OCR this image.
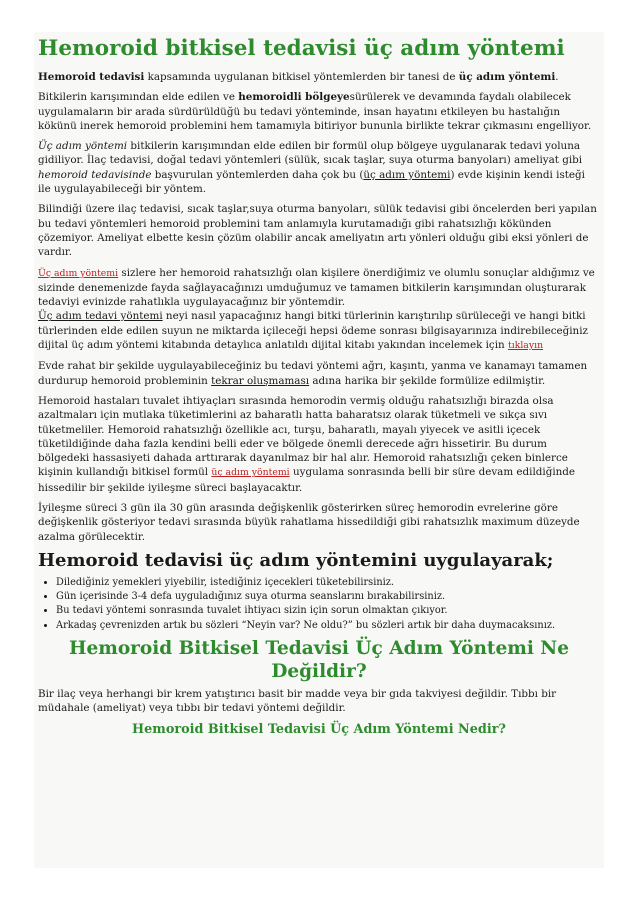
Hemoroid bitkisel tedavisi üç adım yöntemi

Hemoroid tedavisi kapsamında uygulanan bitkisel yöntemlerden bir tanesi de üç adım yöntemi.

Bitkilerin karışımından elde edilen ve hemoroidli bölgeyesürülerek ve devamında faydalı olabilecek uygulamaların bir arada sürdürüldüğü bu tedavi yönteminde, insan hayatını etkileyen bu hastalığın kökünü inerek hemoroid problemini hem tamamıyla bitiriyor bununla birlikte tekrar çıkmasını engelliyor.

Üç adım yöntemi bitkilerin karışımından elde edilen bir formül olup bölgeye uygulanarak tedavi yoluna gidiliyor. İlaç tedavisi, doğal tedavi yöntemleri (sülük, sıcak taşlar, suya oturma banyoları) ameliyat gibi hemoroid tedavisinde başvurulan yöntemlerden daha çok bu (üç adım yöntemi) evde kişinin kendi isteği ile uygulayabileceği bir yöntem.

Bilindiği üzere ilaç tedavisi, sıcak taşlar,suya oturma banyoları, sülük tedavisi gibi öncelerden beri yapılan bu tedavi yöntemleri hemoroid problemini tam anlamıyla kurutamadığı gibi rahatsızlığı kökünden çözemiyor. Ameliyat elbette kesin çözüm olabilir ancak ameliyatın artı yönleri olduğu gibi eksi yönleri de vardır.

Üç adım yöntemi sizlere her hemoroid rahatsızlığı olan kişilere önerdiğimiz ve olumlu sonuçlar aldığımız ve sizinde denemenizde fayda sağlayacağınızı umduğumuz ve tamamen bitkilerin karışımından oluşturarak tedaviyi evinizde rahatlıkla uygulayacağınız bir yöntemdir.
Üç adım tedavi yöntemi neyi nasıl yapacağınız hangi bitki türlerinin karıştırılıp sürüleceği ve hangi bitki türlerinden elde edilen suyun ne miktarda içileceği hepsi ödeme sonrası bilgisayarınıza indirebileceğiniz dijital üç adım yöntemi kitabında detaylıca anlatıldı dijital kitabı yakından incelemek için tıklayın

Evde rahat bir şekilde uygulayabileceğiniz bu tedavi yöntemi ağrı, kaşıntı, yanma ve kanamayı tamamen durdurup hemoroid probleminin tekrar oluşmaması adına harika bir şekilde formülize edilmiştir.

Hemoroid hastaları tuvalet ihtiyaçları sırasında hemorodin vermiş olduğu rahatsızlığı birazda olsa azaltmaları için mutlaka tüketimlerini az baharatlı hatta baharatsız olarak tüketmeli ve sıkça sıvı tüketmeliler. Hemoroid rahatsızlığı özellikle acı, turşu, baharatlı, mayalı yiyecek ve asitli içecek tüketildiğinde daha fazla kendini belli eder ve bölgede önemli derecede ağrı hissetirir. Bu durum bölgedeki hassasiyeti dahada arttırarak dayanılmaz bir hal alır. Hemoroid rahatsızlığı çeken binlerce kişinin kullandığı bitkisel formül üç adım yöntemi uygulama sonrasında belli bir süre devam edildiğinde hissedilir bir şekilde iyileşme süreci başlayacaktır.

İyileşme süreci 3 gün ila 30 gün arasında değişkenlik gösterirken süreç hemorodin evrelerine göre değişkenlik gösteriyor tedavi sırasında büyük rahatlama hissedildiği gibi rahatsızlık maximum düzeyde azalma görülecektir.

Hemoroid tedavisi üç adım yöntemini uygulayarak;
• Dilediğiniz yemekleri yiyebilir, istediğiniz içecekleri tüketebilirsiniz.
• Gün içerisinde 3-4 defa uyguladığınız suya oturma seanslarını bırakabilirsiniz.
• Bu tedavi yöntemi sonrasında tuvalet ihtiyacı sizin için sorun olmaktan çıkıyor.
• Arkadaş çevrenizden artık bu sözleri “Neyin var? Ne oldu?” bu sözleri artık bir daha duymacaksınız.
Hemoroid Bitkisel Tedavisi Üç Adım Yöntemi Ne Değildir?

Bir ilaç veya herhangi bir krem yatıştırıcı basit bir madde veya bir gıda takviyesi değildir. Tıbbı bir müdahale (ameliyat) veya tıbbı bir tedavi yöntemi değildir.

Hemoroid Bitkisel Tedavisi Üç Adım Yöntemi Nedir?
